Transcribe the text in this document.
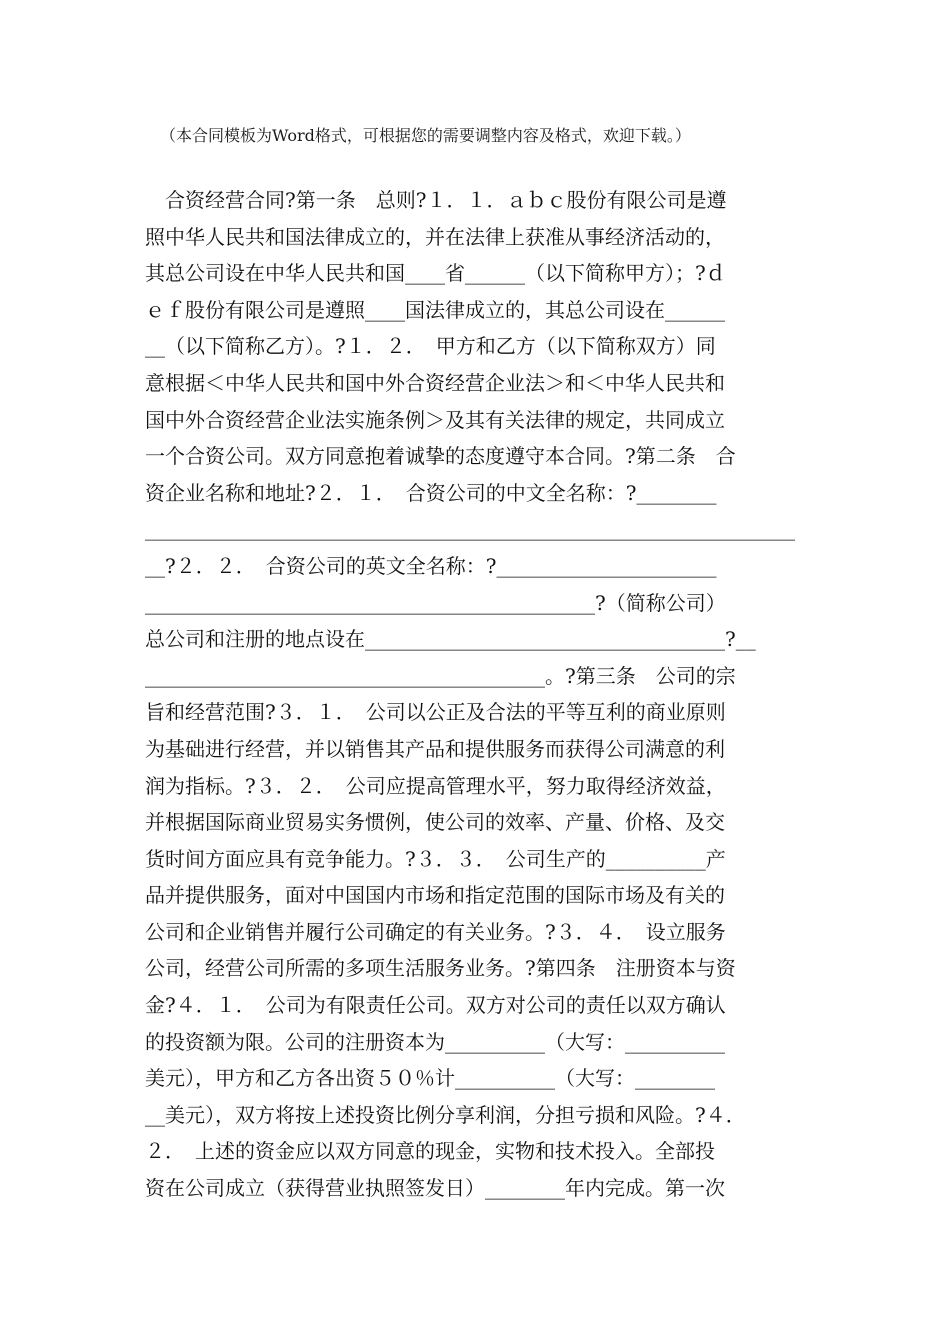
（本合同模板为Word格式，可根据您的需要调整内容及格式，欢迎下载。）
　合资经营合同?第一条　总则?１．１．ａｂｃ股份有限公司是遵
照中华人民共和国法律成立的，并在法律上获准从事经济活动的，
其总公司设在中华人民共和国____省______（以下简称甲方）；?ｄ
ｅｆ股份有限公司是遵照____国法律成立的，其总公司设在______
__（以下简称乙方）。?１．２．　甲方和乙方（以下简称双方）同
意根据＜中华人民共和国中外合资经营企业法＞和＜中华人民共和
国中外合资经营企业法实施条例＞及其有关法律的规定，共同成立
一个合资公司。双方同意抱着诚挚的态度遵守本合同。?第二条　合
资企业名称和地址?２．１．　合资公司的中文全名称：?________
_________________________________________________________________
__?２．２．　合资公司的英文全名称：?______________________
_____________________________________________?（简称公司）
总公司和注册的地点设在____________________________________?__
________________________________________。?第三条　公司的宗
旨和经营范围?３．１．　公司以公正及合法的平等互利的商业原则
为基础进行经营，并以销售其产品和提供服务而获得公司满意的利
润为指标。?３．２．　公司应提高管理水平，努力取得经济效益，
并根据国际商业贸易实务惯例，使公司的效率、产量、价格、及交
货时间方面应具有竞争能力。?３．３．　公司生产的__________产
品并提供服务，面对中国国内市场和指定范围的国际市场及有关的
公司和企业销售并履行公司确定的有关业务。?３．４．　设立服务
公司，经营公司所需的多项生活服务业务。?第四条　注册资本与资
金?４．１．　公司为有限责任公司。双方对公司的责任以双方确认
的投资额为限。公司的注册资本为__________（大写：__________
美元），甲方和乙方各出资５０％计__________（大写：________
__美元），双方将按上述投资比例分享利润，分担亏损和风险。?４．
２．　上述的资金应以双方同意的现金，实物和技术投入。全部投
资在公司成立（获得营业执照签发日）________年内完成。第一次
